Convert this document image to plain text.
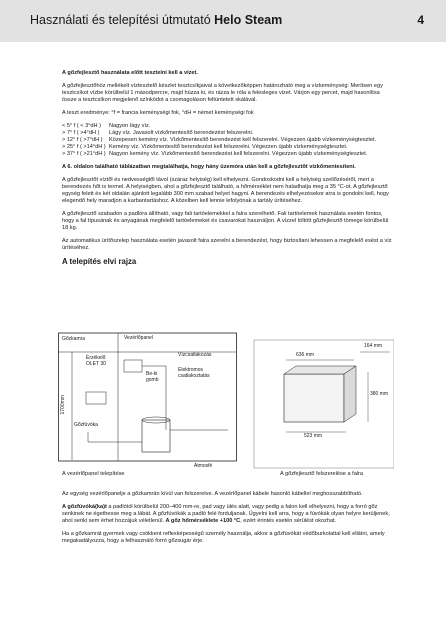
Használati és telepítési útmutató Helo Steam	4

A gőzfejlesztő használata előtt teszteini kell a vizet.

A gőzfejlesztőhöz mellékelt víztesztelő készlet tesztcsíkjaival a következőképpen határozható meg a vízkeménység: Merítsen egy tesztcsíkot vízbe körülbelül 1 másodpercre, majd húzza ki, és rázza le róla a felesleges vizet. Várjon egy percet, majd hasonlítsa össze a tesztcsíkon megjelenő színkódot a csomagoláson feltüntetett skálával.

A teszt eredménye: °f = francia keménységi fok, °dH = német keménységi fok

< 5° f ( < 3°dH )	Nagyon lágy víz.
> 7° f ( >4°dH )	Lágy víz. Javasolt vízkőmentesítő berendezést felszerelni.
> 12° f ( >7°dH )	Közepesen kemény víz. Vízkőmentesítő berendezést kell felszerelni. Végezzen újabb vízkeménységtesztet.
> 25° f ( >14°dH ) Kemény víz. Vízkőmentesítő berendezést kell felszerelni. Végezzen újabb vízkeménységtesztet.
> 37° f ( >21°dH ) Nagyon kemény víz. Vízkőmentesítő berendezést kell felszerelni. Végezzen újabb vízkeménységtesztet.

A 6. oldalon található táblázatban megtalálhatja, hogy hány üzemóra után kell a gőzfejlesztőt vízkőmentesíteni.

A gőzfejlesztőt víztől és nedvességtől távol (száraz helyiség) kell elhelyezni. Gondoskodni kell a helyiség szellőzéséről, mert a berendezés hőt is termel. A helyiségben, ahol a gőzfejlesztő található, a hőmérséklet nem haladhatja meg a 35 °C-ot. A gőzfejlesztő egység felett és két oldalán ajánlott legalább 300 mm szabad helyet hagyni. A berendezés elhelyezésekor arra is gondolni kell, hogy elegendő hely maradjon a karbantartáshoz. A közelben kell lennie lefolyónak a tartály ürítéséhez.

A gőzfejlesztő szabadon a padlóra állítható, vagy fali tartóelemekkel a falra szerelhető. Fali tartóelemek használata esetén fontos, hogy a fal típusának és anyagának megfelelő tartóelemeket és csavarokat használjon. A vízzel töltött gőzfejlesztő tömege körülbelül 18 kg.

Az automatikus ürítőszelep használata esetén javasolt falra szerelni a berendezést, hogy biztosítani lehessen a megfelelő esést a víz ürítéséhez.

A telepítés elvi rajza
Gőzkamra	Vezérlőpanel
Érzékelő
OLET 30
Be-ki
gomb
Vízcsatlakozás
Elektromos
csatlakoztatás
1700mm
Gőzfúvóka
Atmosfé
636 mm
164 mm
380 mm
523 mm
A vezérlőpanel telepítése	A gőzfejlesztő felszerelése a falra

Az egység vezérlőpanelje a gőzkamrán kívül van felszerelve. A vezérlőpanel kábele hasonló kábellel meghosszabbítható.

A gőzfúvóká(ka)t a padlótól körülbelül 200–400 mm-re, pad vagy ülés alatt, vagy pedig a falon kell elhelyezni, hogy a forró gőz senkinek ne égethesse meg a lábát. A gőzfúvókák a padló felé forduljanak. Ügyelni kell arra, hogy a fúvókák olyan helyre kerüljenek, ahol senki sem érhet hozzájuk véletlenül. A gőz hőmérséklete +100 °C, ezért érintés esetén sérülést okozhat.

Ha a gőzkamrát gyermek vagy csökkent reflexképességű személy használja, akkor a gőzfúvókát védőburkolattal kell ellátni, amely megakadályozza, hogy a felhasználó forró gőzsugár érje.
